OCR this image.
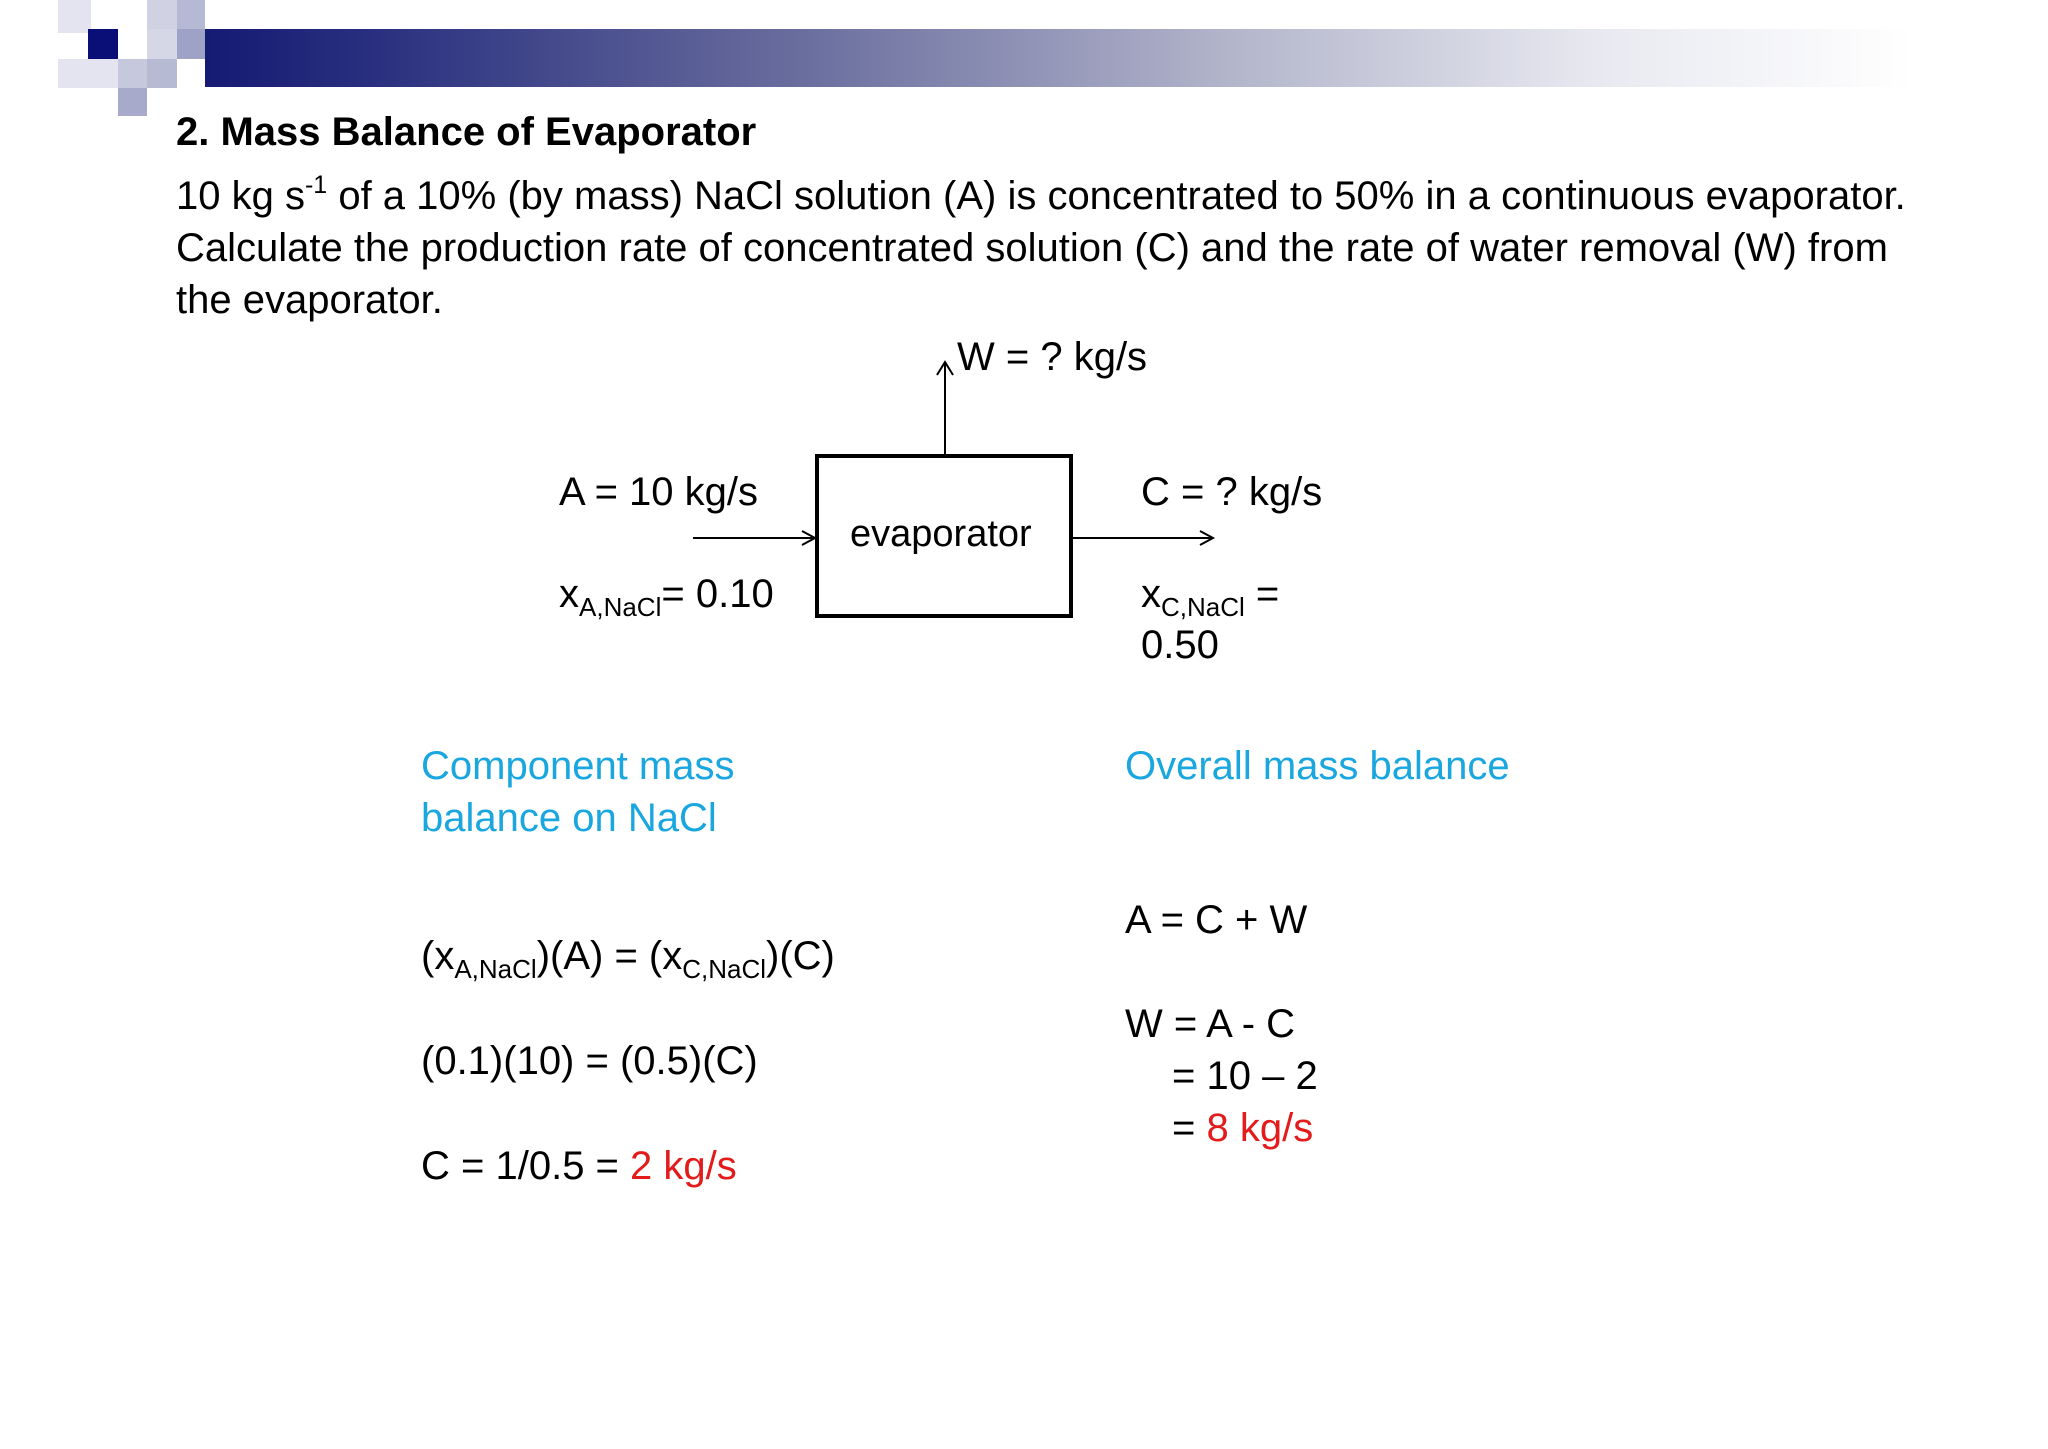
2. Mass Balance of Evaporator
10 kg $s^{-1}$ of a 10% (by mass) NaCl solution (A) is concentrated to 50% in a continuous evaporator. Calculate the production rate of concentrated solution (C) and the rate of water removal (W) from the evaporator.
evaporator
W = ? kg/s
A = 10 kg/s
$x_{A,NaCl}= 0.10$
C = ? kg/s
$x_{C,NaCl}$ =
0.50
Component mass
balance on NaCl
$(x_{A,NaCl})(A) = (x_{C,NaCl})(C)$
(0.1)(10) = (0.5)(C)
C = 1/0.5 = 2 kg/s
Overall mass balance
A = C + W
W = A - C
= 10 – 2
= 8 kg/s
